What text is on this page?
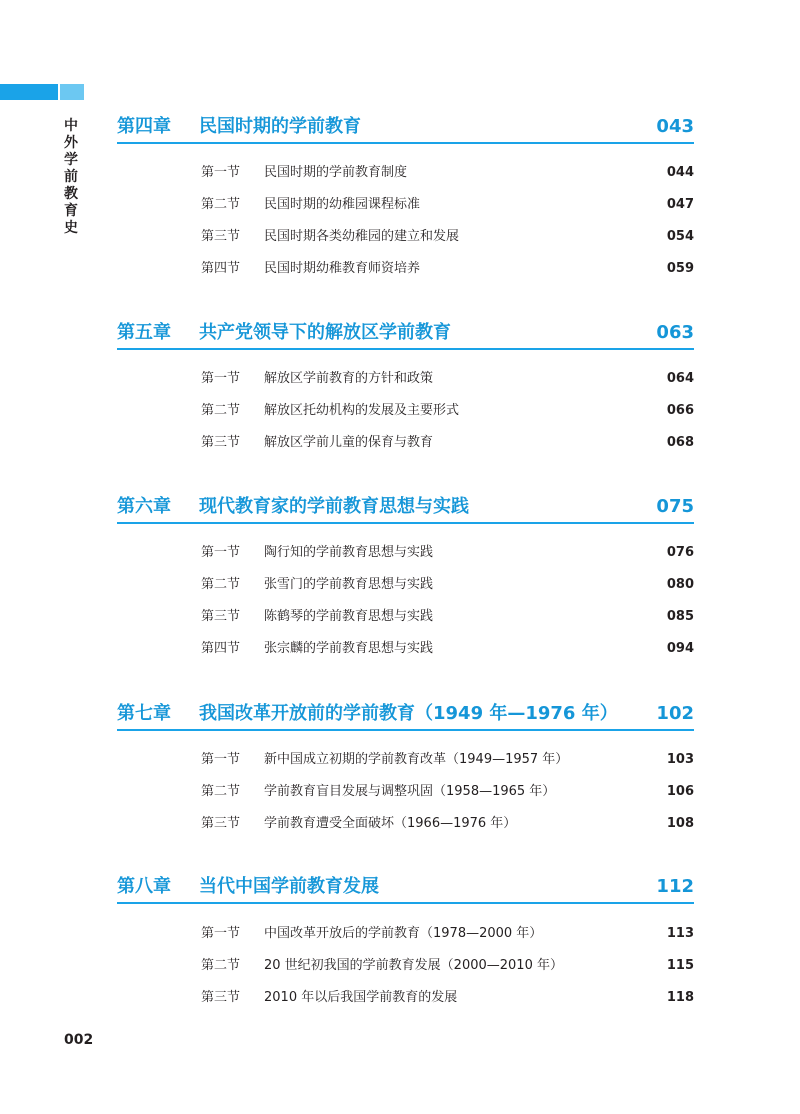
中外学前教育史
第四章 民国时期的学前教育	043
第一节 民国时期的学前教育制度	044
第二节 民国时期的幼稚园课程标准	047
第三节 民国时期各类幼稚园的建立和发展	054
第四节 民国时期幼稚教育师资培养	059
第五章 共产党领导下的解放区学前教育	063
第一节 解放区学前教育的方针和政策	064
第二节 解放区托幼机构的发展及主要形式	066
第三节 解放区学前儿童的保育与教育	068
第六章 现代教育家的学前教育思想与实践	075
第一节 陶行知的学前教育思想与实践	076
第二节 张雪门的学前教育思想与实践	080
第三节 陈鹤琴的学前教育思想与实践	085
第四节 张宗麟的学前教育思想与实践	094
第七章 我国改革开放前的学前教育（1949 年—1976 年） 102
第一节 新中国成立初期的学前教育改革（1949—1957 年）	103
第二节 学前教育盲目发展与调整巩固（1958—1965 年）	106
第三节 学前教育遭受全面破坏（1966—1976 年）	108
第八章 当代中国学前教育发展	112
第一节 中国改革开放后的学前教育（1978—2000 年）	113
第二节 20 世纪初我国的学前教育发展（2000—2010 年）	115
第三节 2010 年以后我国学前教育的发展	118
002
